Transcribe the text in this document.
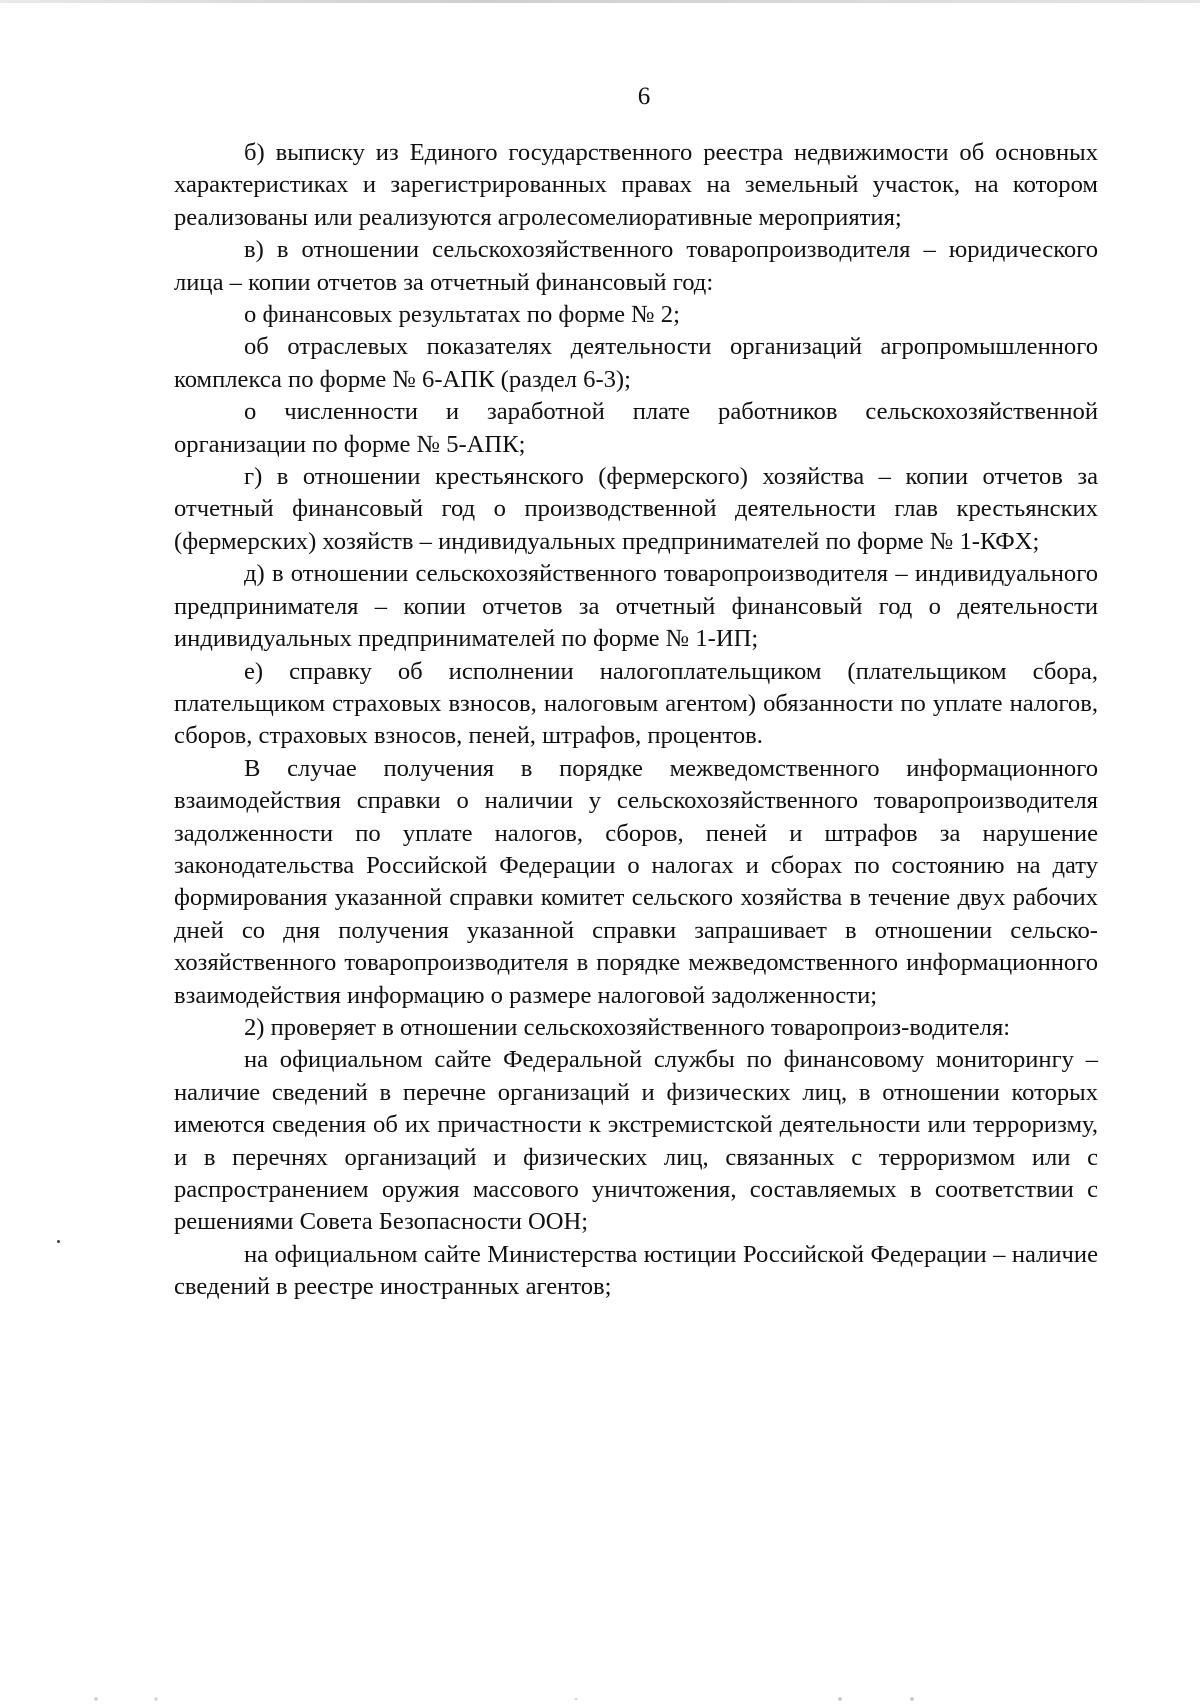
6

б) выписку из Единого государственного реестра недвижимости об основных характеристиках и зарегистрированных правах на земельный участок, на котором реализованы или реализуются агролесомелиоративные мероприятия;

в) в отношении сельскохозяйственного товаропроизводителя – юридического лица – копии отчетов за отчетный финансовый год:

о финансовых результатах по форме № 2;

об отраслевых показателях деятельности организаций агропромышленного комплекса по форме № 6-АПК (раздел 6-3);

о численности и заработной плате работников сельскохозяйственной организации по форме № 5-АПК;

г) в отношении крестьянского (фермерского) хозяйства – копии отчетов за отчетный финансовый год о производственной деятельности глав крестьянских (фермерских) хозяйств – индивидуальных предпринимателей по форме № 1-КФХ;

д) в отношении сельскохозяйственного товаропроизводителя – индивидуального предпринимателя – копии отчетов за отчетный финансовый год о деятельности индивидуальных предпринимателей по форме № 1-ИП;

е) справку об исполнении налогоплательщиком (плательщиком сбора, плательщиком страховых взносов, налоговым агентом) обязанности по уплате налогов, сборов, страховых взносов, пеней, штрафов, процентов.

В случае получения в порядке межведомственного информационного взаимодействия справки о наличии у сельскохозяйственного товаропроизводителя задолженности по уплате налогов, сборов, пеней и штрафов за нарушение законодательства Российской Федерации о налогах и сборах по состоянию на дату формирования указанной справки комитет сельского хозяйства в течение двух рабочих дней со дня получения указанной справки запрашивает в отношении сельско-хозяйственного товаропроизводителя в порядке межведомственного информационного взаимодействия информацию о размере налоговой задолженности;

2) проверяет в отношении сельскохозяйственного товаропроиз-водителя:

на официальном сайте Федеральной службы по финансовому мониторингу – наличие сведений в перечне организаций и физических лиц, в отношении которых имеются сведения об их причастности к экстремистской деятельности или терроризму, и в перечнях организаций и физических лиц, связанных с терроризмом или с распространением оружия массового уничтожения, составляемых в соответствии с решениями Совета Безопасности ООН;

на официальном сайте Министерства юстиции Российской Федерации – наличие сведений в реестре иностранных агентов;
